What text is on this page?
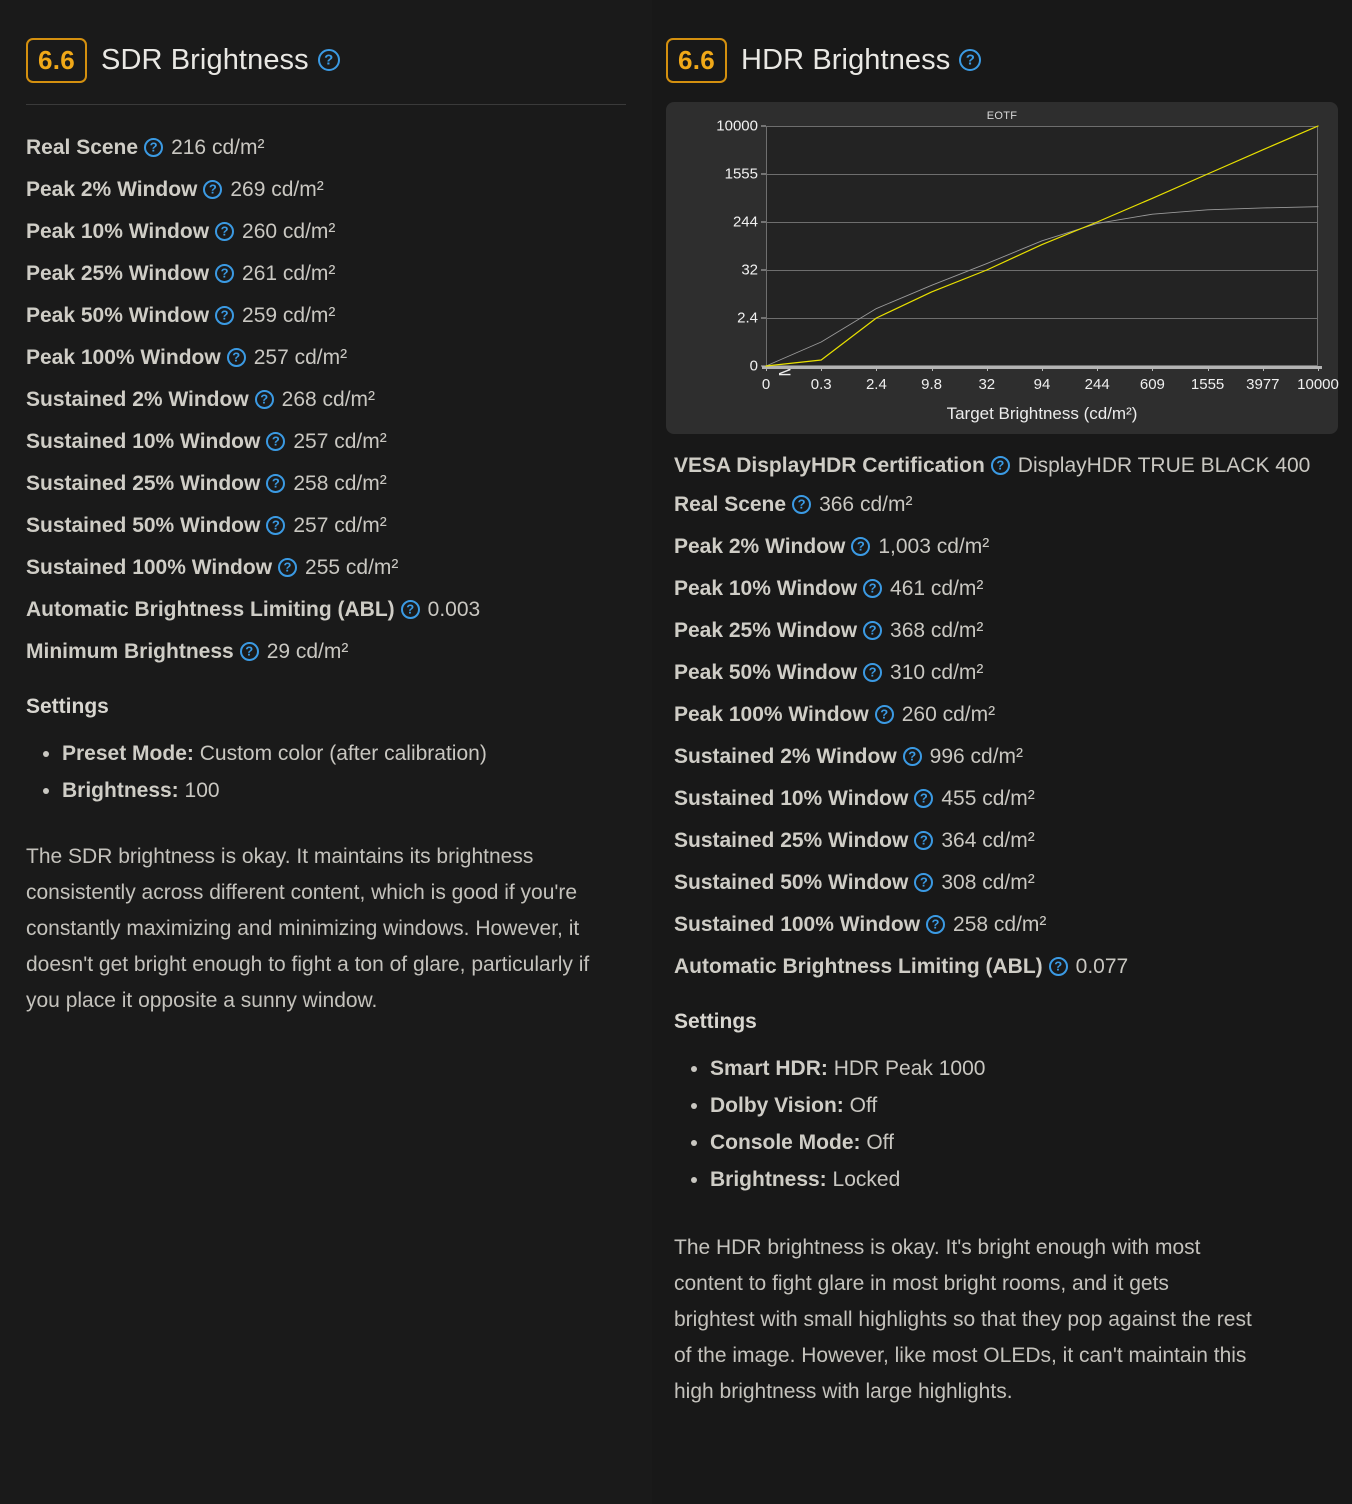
6.6 SDR Brightness
?
Real Scene ? 216 cd/m²
Peak 2% Window ? 269 cd/m²
Peak 10% Window ? 260 cd/m²
Peak 25% Window ? 261 cd/m²
Peak 50% Window ? 259 cd/m²
Peak 100% Window ? 257 cd/m²
Sustained 2% Window ? 268 cd/m²
Sustained 10% Window ? 257 cd/m²
Sustained 25% Window ? 258 cd/m²
Sustained 50% Window ? 257 cd/m²
Sustained 100% Window ? 255 cd/m²
Automatic Brightness Limiting (ABL) ? 0.003
Minimum Brightness ? 29 cd/m²
Settings
• Preset Mode: Custom color (after calibration)
• Brightness: 100
The SDR brightness is okay. It maintains its brightness consistently across different content, which is good if you're constantly maximizing and minimizing windows. However, it doesn't get bright enough to fight a ton of glare, particularly if you place it opposite a sunny window.
6.6 HDR Brightness
?
EOTF
Target Brightness (cd/m²)
0
2.4
32
244
1555
10000
0	0.3 2.4 9.8 32	94 244 609 1555 3977 10000
VESA DisplayHDR Certification ? DisplayHDR TRUE BLACK 400
Real Scene ? 366 cd/m²
Peak 2% Window ? 1,003 cd/m²
Peak 10% Window ? 461 cd/m²
Peak 25% Window ? 368 cd/m²
Peak 50% Window ? 310 cd/m²
Peak 100% Window ? 260 cd/m²
Sustained 2% Window ? 996 cd/m²
Sustained 10% Window ? 455 cd/m²
Sustained 25% Window ? 364 cd/m²
Sustained 50% Window ? 308 cd/m²
Sustained 100% Window ? 258 cd/m²
Automatic Brightness Limiting (ABL) ? 0.077
Settings
• Smart HDR: HDR Peak 1000
• Dolby Vision: Off
• Console Mode: Off
• Brightness: Locked
The HDR brightness is okay. It's bright enough with most content to fight glare in most bright rooms, and it gets brightest with small highlights so that they pop against the rest of the image. However, like most OLEDs, it can't maintain this high brightness with large highlights.
